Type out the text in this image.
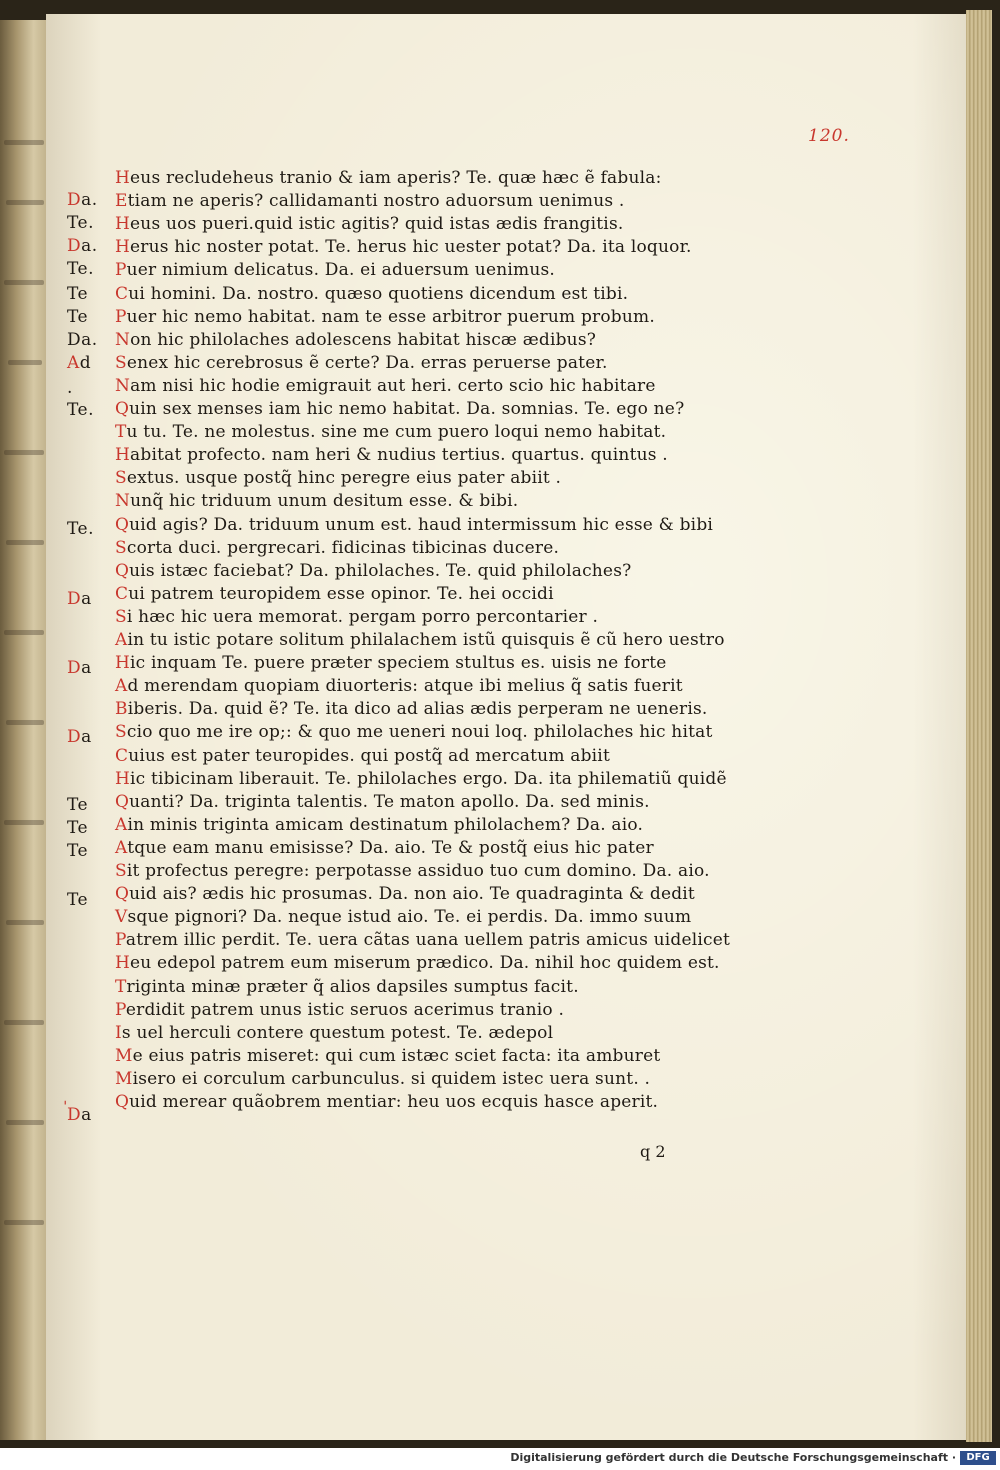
120.
Da.
Te.
Da.
Te.
Te
Te
Da.
Ad
.
Te.
Te.
Da
Da
Da
Te
Te
Te
Te
Da
Heus recludeheus tranio & iam aperis? Te. quæ hæc ẽ fabula:
Etiam ne aperis? callidamanti nostro aduorsum uenimus .
Heus uos pueri.quid istic agitis? quid istas ædis frangitis.
Herus hic noster potat. Te. herus hic uester potat? Da. ita loquor.
Puer nimium delicatus. Da. ei aduersum uenimus.
Cui homini. Da. nostro. quæso quotiens dicendum est tibi.
Puer hic nemo habitat. nam te esse arbitror puerum probum.
Non hic philolaches adolescens habitat hiscæ ædibus?
Senex hic cerebrosus ẽ certe? Da. erras peruerse pater.
Nam nisi hic hodie emigrauit aut heri. certo scio hic habitare
Quin sex menses iam hic nemo habitat. Da. somnias. Te. ego ne?
Tu tu. Te. ne molestus. sine me cum puero loqui nemo habitat.
Habitat profecto. nam heri & nudius tertius. quartus. quintus .
Sextus. usque postq̃ hinc peregre eius pater abiit .
Nunq̃ hic triduum unum desitum esse. & bibi.
Quid agis? Da. triduum unum est. haud intermissum hic esse & bibi
Scorta duci. pergrecari. fidicinas tibicinas ducere.
Quis istæc faciebat? Da. philolaches. Te. quid philolaches?
Cui patrem teuropidem esse opinor. Te. hei occidi
Si hæc hic uera memorat. pergam porro percontarier .
Ain tu istic potare solitum philalachem istũ quisquis ẽ cũ hero uestro
Hic inquam Te. puere præter speciem stultus es. uisis ne forte
Ad merendam quopiam diuorteris: atque ibi melius q̃ satis fuerit
Biberis. Da. quid ẽ? Te. ita dico ad alias ædis perperam ne ueneris.
Scio quo me ire op;: & quo me ueneri noui loq. philolaches hic hitat
Cuius est pater teuropides. qui postq̃ ad mercatum abiit
Hic tibicinam liberauit. Te. philolaches ergo. Da. ita philematiũ quidẽ
Quanti? Da. triginta talentis. Te maton apollo. Da. sed minis.
Ain minis triginta amicam destinatum philolachem? Da. aio.
Atque eam manu emisisse? Da. aio. Te & postq̃ eius hic pater
Sit profectus peregre: perpotasse assiduo tuo cum domino. Da. aio.
Quid ais? ædis hic prosumas. Da. non aio. Te quadraginta & dedit
Vsque pignori? Da. neque istud aio. Te. ei perdis. Da. immo suum
Patrem illic perdit. Te. uera cãtas uana uellem patris amicus uidelicet
Heu edepol patrem eum miserum prædico. Da. nihil hoc quidem est.
Triginta minæ præter q̃ alios dapsiles sumptus facit.
Perdidit patrem unus istic seruos acerimus tranio .
Is uel herculi contere questum potest. Te. ædepol
Me eius patris miseret: qui cum istæc sciet facta: ita amburet
Misero ei corculum carbunculus. si quidem istec uera sunt. .
Quid merear quãobrem mentiar: heu uos ecquis hasce aperit.
ˈ
q 2
Digitalisierung gefördert durch die Deutsche Forschungsgemeinschaft ·	DFG
